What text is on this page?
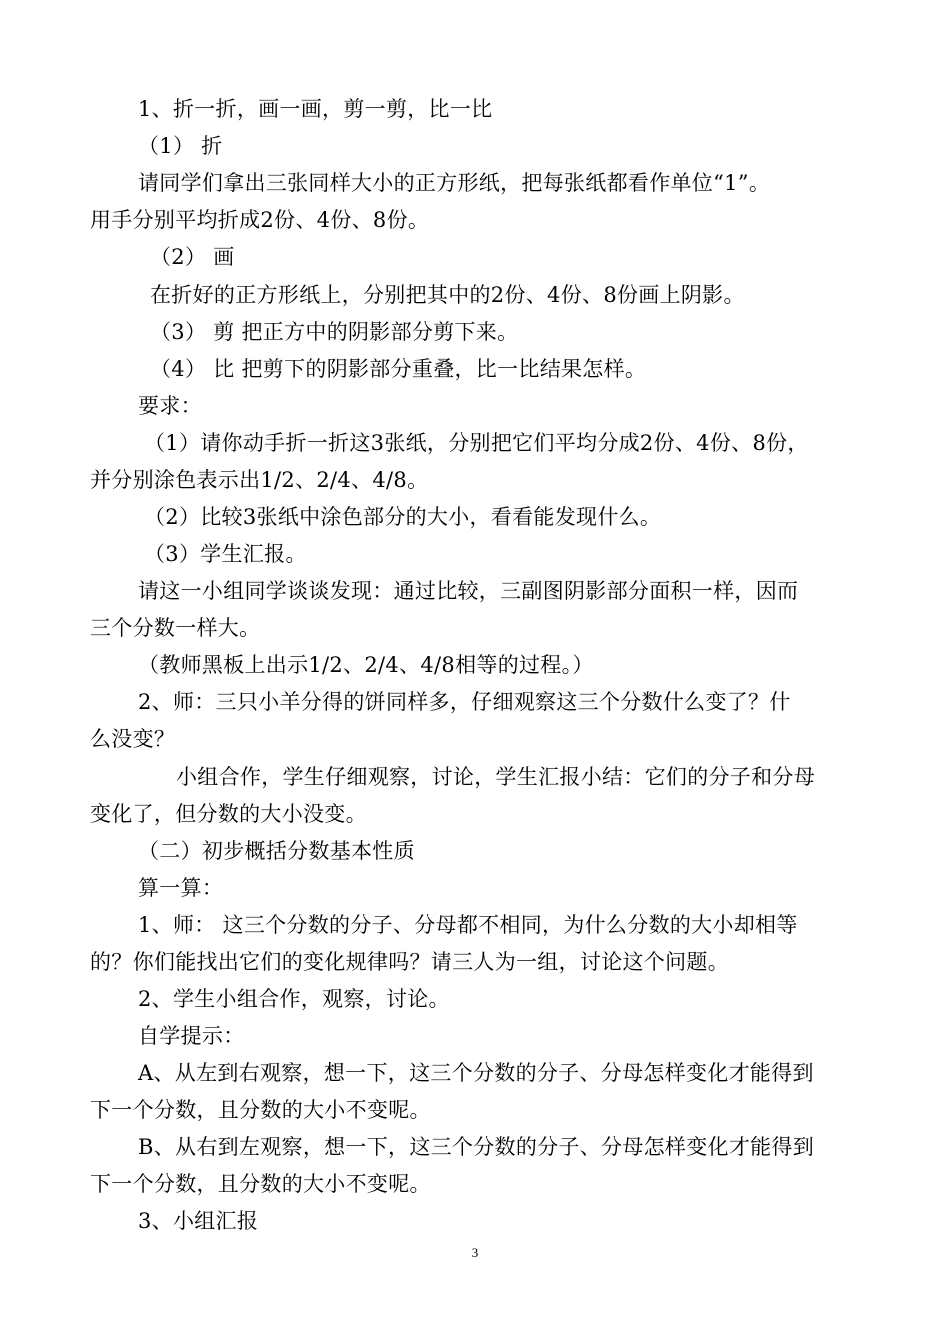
1、折一折，画一画，剪一剪，比一比
（1） 折
请同学们拿出三张同样大小的正方形纸，把每张纸都看作单位“1”。
用手分别平均折成2份、4份、8份。
（2） 画
在折好的正方形纸上，分别把其中的2份、4份、8份画上阴影。
（3） 剪 把正方中的阴影部分剪下来。
（4） 比 把剪下的阴影部分重叠，比一比结果怎样。
要求：
（1）请你动手折一折这3张纸，分别把它们平均分成2份、4份、8份，
并分别涂色表示出1/2、2/4、4/8。
（2）比较3张纸中涂色部分的大小，看看能发现什么。
（3）学生汇报。
请这一小组同学谈谈发现：通过比较，三副图阴影部分面积一样，因而
三个分数一样大。
（教师黑板上出示1/2、2/4、4/8相等的过程。）
2、师：三只小羊分得的饼同样多，仔细观察这三个分数什么变了？什
么没变？
小组合作，学生仔细观察，讨论，学生汇报小结：它们的分子和分母
变化了，但分数的大小没变。
（二）初步概括分数基本性质
算一算：
1、师： 这三个分数的分子、分母都不相同，为什么分数的大小却相等
的？你们能找出它们的变化规律吗？请三人为一组，讨论这个问题。
2、学生小组合作，观察，讨论。
自学提示：
A、从左到右观察，想一下，这三个分数的分子、分母怎样变化才能得到
下一个分数，且分数的大小不变呢。
B、从右到左观察，想一下，这三个分数的分子、分母怎样变化才能得到
下一个分数，且分数的大小不变呢。
3、小组汇报
3
